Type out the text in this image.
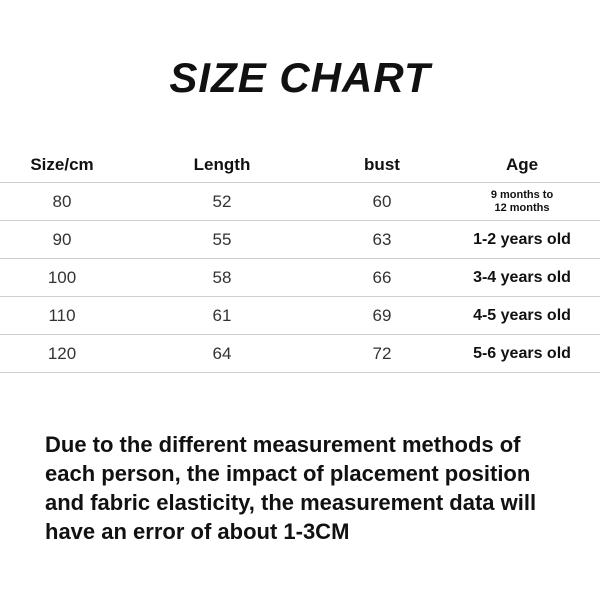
SIZE CHART
Size/cm	Length	bust	Age
80	52	60	9 months to
12 months
90	55	63	1-2 years old
100	58	66	3-4 years old
110	61	69	4-5 years old
120	64	72	5-6 years old
Due to the different measurement methods of each person, the impact of placement position and fabric elasticity, the measurement data will have an error of about 1-3CM
